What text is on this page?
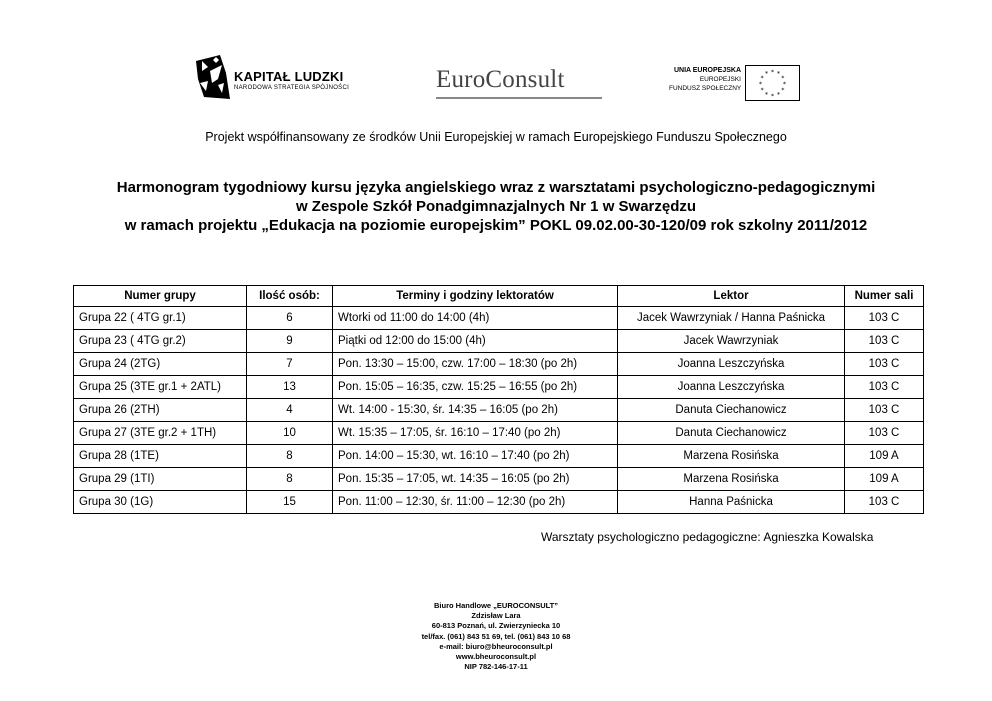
KAPITAŁ LUDZKI
NARODOWA STRATEGIA SPÓJNOŚCI	EuroConsult	UNIA EUROPEJSKA
EUROPEJSKI
FUNDUSZ SPOŁECZNY
* *
*
*
*
*
*
*
*
*
*
*
Projekt współfinansowany ze środków Unii Europejskiej w ramach Europejskiego Funduszu Społecznego
Harmonogram tygodniowy kursu języka angielskiego wraz z warsztatami psychologiczno-pedagogicznymi
w Zespole Szkół Ponadgimnazjalnych Nr 1 w Swarzędzu
w ramach projektu „Edukacja na poziomie europejskim” POKL 09.02.00-30-120/09 rok szkolny 2011/2012
Numer grupy	Ilość osób:	Terminy i godziny lektoratów	Lektor	Numer sali
Grupa 22 ( 4TG gr.1)	6	Wtorki od 11:00 do 14:00 (4h)	Jacek Wawrzyniak / Hanna Paśnicka	103 C
Grupa 23 ( 4TG gr.2)	9	Piątki od 12:00 do 15:00 (4h)	Jacek Wawrzyniak	103 C
Grupa 24 (2TG)	7	Pon. 13:30 – 15:00, czw. 17:00 – 18:30 (po 2h)	Joanna Leszczyńska	103 C
Grupa 25 (3TE gr.1 + 2ATL)	13	Pon. 15:05 – 16:35, czw. 15:25 – 16:55 (po 2h)	Joanna Leszczyńska	103 C
Grupa 26 (2TH)	4	Wt. 14:00 - 15:30, śr. 14:35 – 16:05 (po 2h)	Danuta Ciechanowicz	103 C
Grupa 27 (3TE gr.2 + 1TH)	10	Wt. 15:35 – 17:05, śr. 16:10 – 17:40 (po 2h)	Danuta Ciechanowicz	103 C
Grupa 28 (1TE)	8	Pon. 14:00 – 15:30, wt. 16:10 – 17:40 (po 2h)	Marzena Rosińska	109 A
Grupa 29 (1TI)	8	Pon. 15:35 – 17:05, wt. 14:35 – 16:05 (po 2h)	Marzena Rosińska	109 A
Grupa 30 (1G)	15	Pon. 11:00 – 12:30, śr. 11:00 – 12:30 (po 2h)	Hanna Paśnicka	103 C
Warsztaty psychologiczno pedagogiczne: Agnieszka Kowalska
Biuro Handlowe „EUROCONSULT”
Zdzisław Lara
60-813 Poznań, ul. Zwierzyniecka 10
tel/fax. (061) 843 51 69, tel. (061) 843 10 68
e-mail: biuro@bheuroconsult.pl
www.bheuroconsult.pl
NIP 782-146-17-11
